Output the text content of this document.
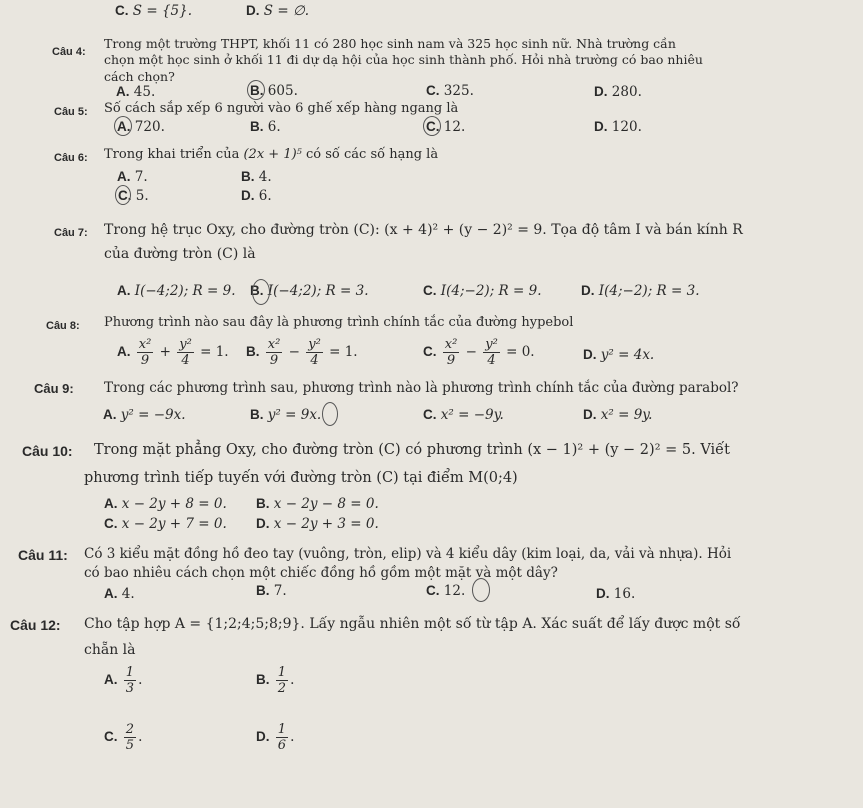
C. S = {5}.	D. S = ∅.
Câu 4:
Trong một trường THPT, khối 11 có 280 học sinh nam và 325 học sinh nữ. Nhà trường cần
chọn một học sinh ở khối 11 đi dự dạ hội của học sinh thành phố. Hỏi nhà trường có bao nhiêu
cách chọn?
A. 45.	B. 605.	C. 325.	D. 280.
Câu 5: Số cách sắp xếp 6 người vào 6 ghế xếp hàng ngang là
A. 720.	B. 6.	C. 12.	D. 120.
Câu 6: Trong khai triển của (2x + 1)⁵ có số các số hạng là
A. 7.	B. 4.
C. 5.	D. 6.
Câu 7: Trong hệ trục Oxy, cho đường tròn (C): (x + 4)² + (y − 2)² = 9. Tọa độ tâm I và bán kính R
của đường tròn (C) là
A. I(−4;2); R = 9. B. I(−4;2); R = 3.	C. I(4;−2); R = 9.	D. I(4;−2); R = 3.
Câu 8: Phương trình nào sau đây là phương trình chính tắc của đường hypebol
A. $\frac{\text{x²}}{9} + \frac{\text{y²}}{4} = 1$. B. $\frac{\text{x²}}{9} - \frac{\text{y²}}{4} = 1$.	C. $\frac{\text{x²}}{9} - \frac{\text{y²}}{4} = 0$.	D. y² = 4x.
Câu 9: Trong các phương trình sau, phương trình nào là phương trình chính tắc của đường parabol?
A. y² = −9x.	B. y² = 9x.	C. x² = −9y.	D. x² = 9y.
Câu 10: Trong mặt phẳng Oxy, cho đường tròn (C) có phương trình (x − 1)² + (y − 2)² = 5. Viết
phương trình tiếp tuyến với đường tròn (C) tại điểm M(0;4)
A. x − 2y + 8 = 0. B. x − 2y − 8 = 0.
C. x − 2y + 7 = 0. D. x − 2y + 3 = 0.
Câu 11: Có 3 kiểu mặt đồng hồ đeo tay (vuông, tròn, elip) và 4 kiểu dây (kim loại, da, vải và nhựa). Hỏi
có bao nhiêu cách chọn một chiếc đồng hồ gồm một mặt và một dây?
A. 4.	B. 7.	C. 12.	D. 16.
Câu 12: Cho tập hợp A = {1;2;4;5;8;9}. Lấy ngẫu nhiên một số từ tập A. Xác suất để lấy được một số
chẵn là
A. $\frac{1}{3}$ .	B. $\frac{1}{2}$ .
C. $\frac{2}{5}$ .	D. $\frac{1}{6}$ .
